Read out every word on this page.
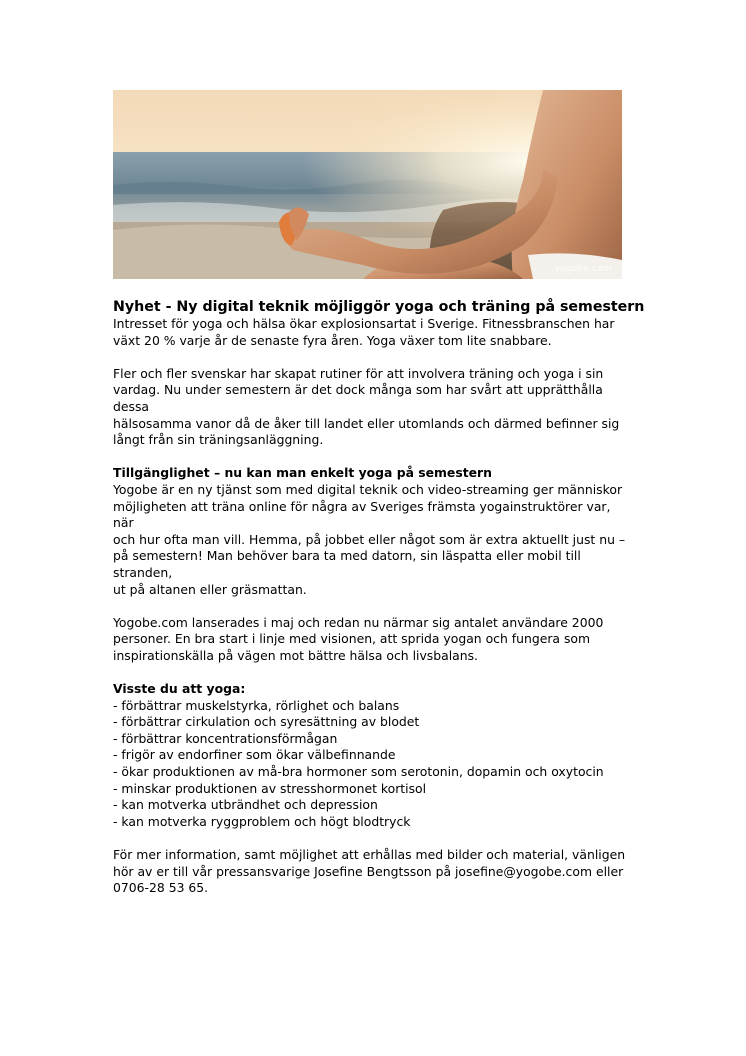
yogobe.com
Nyhet - Ny digital teknik möjliggör yoga och träning på semestern

Intresset för yoga och hälsa ökar explosionsartat i Sverige. Fitnessbranschen har

växt 20 % varje år de senaste fyra åren. Yoga växer tom lite snabbare.

Fler och fler svenskar har skapat rutiner för att involvera träning och yoga i sin

vardag. Nu under semestern är det dock många som har svårt att upprätthålla dessa

hälsosamma vanor då de åker till landet eller utomlands och därmed befinner sig

långt från sin träningsanläggning.

Tillgänglighet – nu kan man enkelt yoga på semestern

Yogobe är en ny tjänst som med digital teknik och video-streaming ger människor

möjligheten att träna online för några av Sveriges främsta yogainstruktörer var, när

och hur ofta man vill. Hemma, på jobbet eller något som är extra aktuellt just nu –

på semestern! Man behöver bara ta med datorn, sin läspatta eller mobil till stranden,

ut på altanen eller gräsmattan.

Yogobe.com lanserades i maj och redan nu närmar sig antalet användare 2000

personer. En bra start i linje med visionen, att sprida yogan och fungera som

inspirationskälla på vägen mot bättre hälsa och livsbalans.

Visste du att yoga:
- förbättrar muskelstyrka, rörlighet och balans
- förbättrar cirkulation och syresättning av blodet
- förbättrar koncentrationsförmågan
- frigör av endorfiner som ökar välbefinnande
- ökar produktionen av må-bra hormoner som serotonin, dopamin och oxytocin
- minskar produktionen av stresshormonet kortisol
- kan motverka utbrändhet och depression
- kan motverka ryggproblem och högt blodtryck

För mer information, samt möjlighet att erhållas med bilder och material, vänligen

hör av er till vår pressansvarige Josefine Bengtsson på josefine@yogobe.com eller

0706-28 53 65.
